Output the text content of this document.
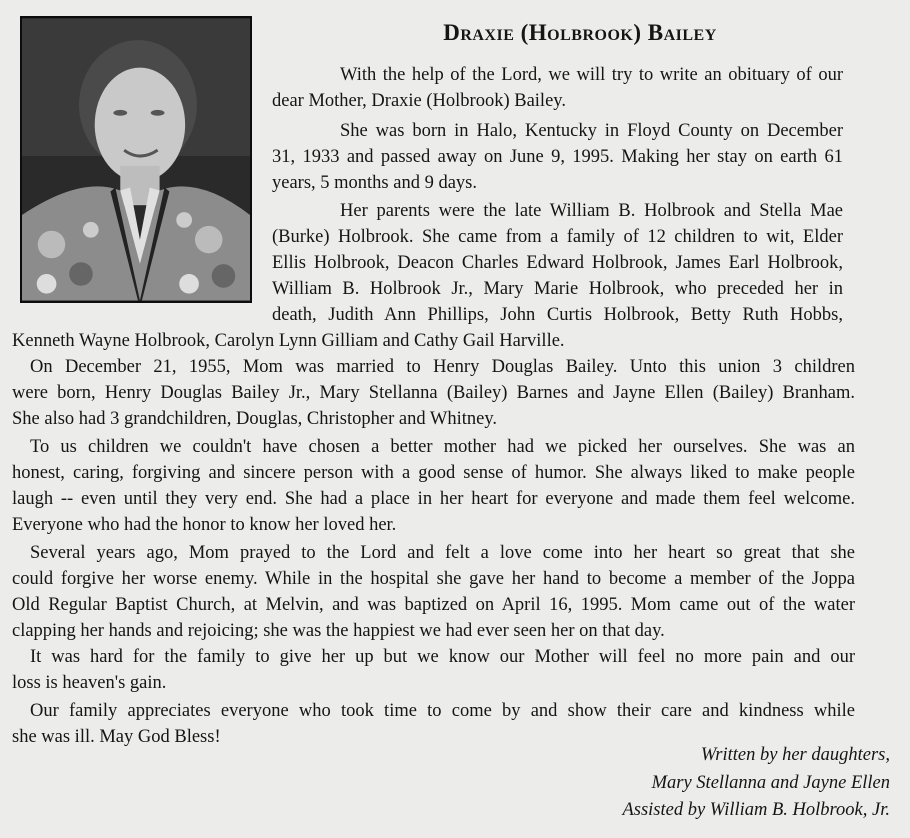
Draxie (Holbrook) Bailey
With the help of the Lord, we will try to write an obituary of our
dear Mother, Draxie (Holbrook) Bailey.
She was born in Halo, Kentucky in Floyd County on December
31, 1933 and passed away on June 9, 1995. Making her stay on earth 61
years, 5 months and 9 days.
Her parents were the late William B. Holbrook and Stella Mae
(Burke) Holbrook. She came from a family of 12 children to wit, Elder
Ellis Holbrook, Deacon Charles Edward Holbrook, James Earl Holbrook,
William B. Holbrook Jr., Mary Marie Holbrook, who preceded her in
death, Judith Ann Phillips, John Curtis Holbrook, Betty Ruth Hobbs,
Kenneth Wayne Holbrook, Carolyn Lynn Gilliam and Cathy Gail Harville.
On December 21, 1955, Mom was married to Henry Douglas Bailey. Unto this union 3 children
were born, Henry Douglas Bailey Jr., Mary Stellanna (Bailey) Barnes and Jayne Ellen (Bailey) Branham.
She also had 3 grandchildren, Douglas, Christopher and Whitney.
To us children we couldn't have chosen a better mother had we picked her ourselves. She was an
honest, caring, forgiving and sincere person with a good sense of humor. She always liked to make people
laugh -- even until they very end. She had a place in her heart for everyone and made them feel welcome.
Everyone who had the honor to know her loved her.
Several years ago, Mom prayed to the Lord and felt a love come into her heart so great that she
could forgive her worse enemy. While in the hospital she gave her hand to become a member of the Joppa
Old Regular Baptist Church, at Melvin, and was baptized on April 16, 1995. Mom came out of the water
clapping her hands and rejoicing; she was the happiest we had ever seen her on that day.
It was hard for the family to give her up but we know our Mother will feel no more pain and our
loss is heaven's gain.
Our family appreciates everyone who took time to come by and show their care and kindness while
she was ill. May God Bless!
Written by her daughters,
Mary Stellanna and Jayne Ellen
Assisted by William B. Holbrook, Jr.
